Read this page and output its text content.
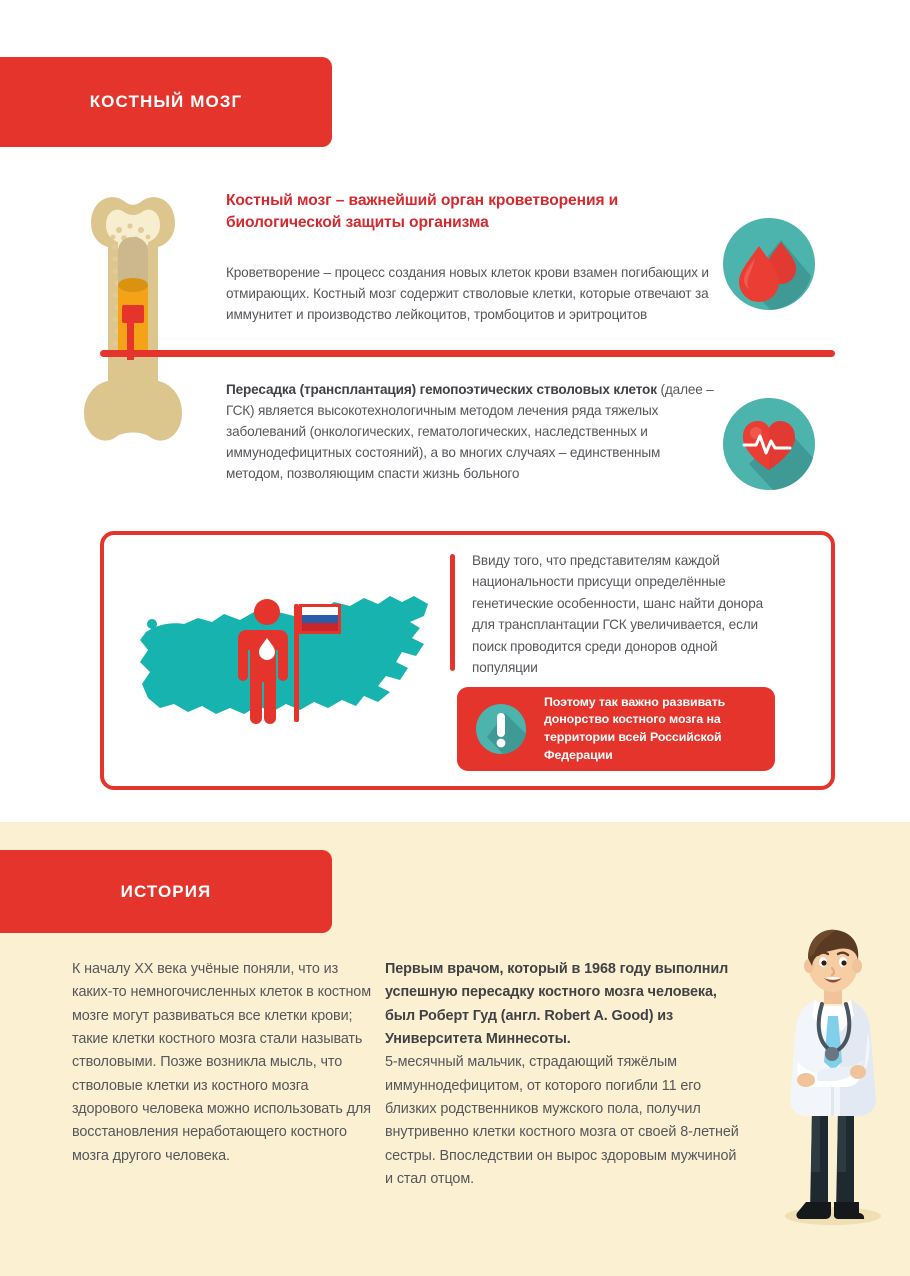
КОСТНЫЙ МОЗГ
Костный мозг – важнейший орган кроветворения и биологической защиты организма
Кроветворение – процесс создания новых клеток крови взамен погибающих и отмирающих. Костный мозг содержит стволовые клетки, которые отвечают за иммунитет и производство лейкоцитов, тромбоцитов и эритроцитов
Пересадка (трансплантация) гемопоэтических стволовых клеток (далее – ГСК) является высокотехнологичным методом лечения ряда тяжелых заболеваний (онкологических, гематологических, наследственных и иммунодефицитных состояний), а во многих случаях – единственным методом, позволяющим спасти жизнь больного
Ввиду того, что представителям каждой национальности присущи определённые генетические особенности, шанс найти донора для трансплантации ГСК увеличивается, если поиск проводится среди доноров одной популяции
Поэтому так важно развивать донорство костного мозга на территории всей Российской Федерации
ИСТОРИЯ
К началу XX века учёные поняли, что из каких-то немногочисленных клеток в костном мозге могут развиваться все клетки крови; такие клетки костного мозга стали называть стволовыми. Позже возникла мысль, что стволовые клетки из костного мозга здорового человека можно использовать для восстановления неработающего костного мозга другого человека.
Первым врачом, который в 1968 году выполнил успешную пересадку костного мозга человека, был Роберт Гуд (англ. Robert A. Good) из Университета Миннесоты.
5-месячный мальчик, страдающий тяжёлым иммуннодефицитом, от которого погибли 11 его близких родственников мужского пола, получил внутривенно клетки костного мозга от своей 8-летней сестры. Впоследствии он вырос здоровым мужчиной и стал отцом.
